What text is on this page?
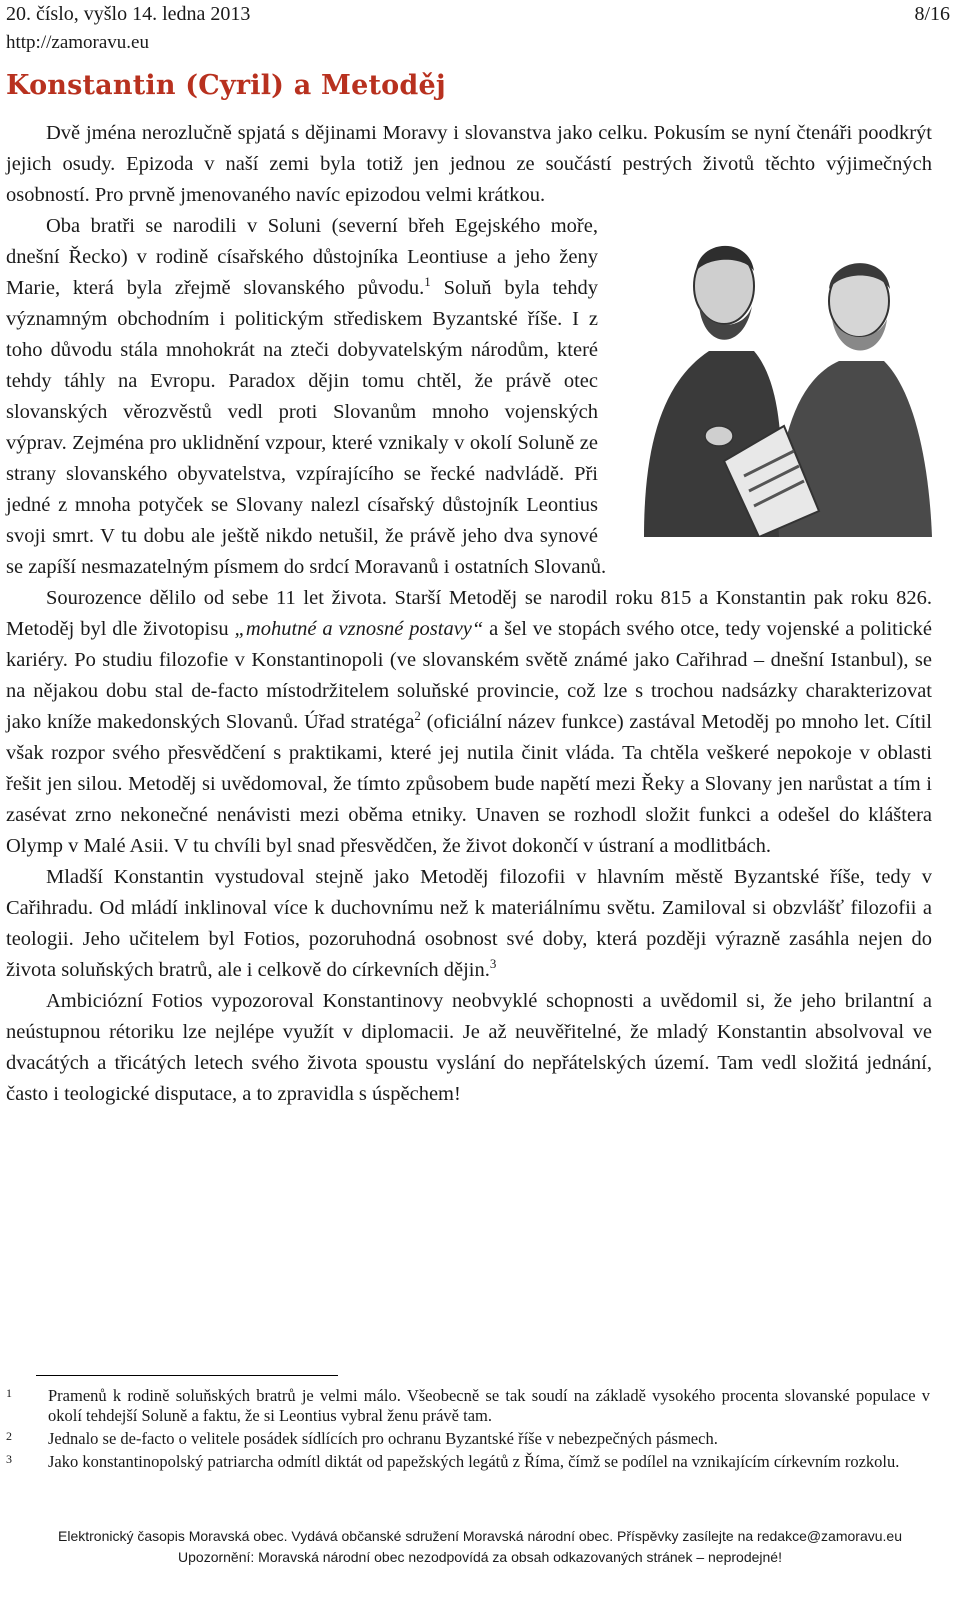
20. číslo, vyšlo 14. ledna 2013	8/16
http://zamoravu.eu
Konstantin (Cyril) a Metoděj

Dvě jména nerozlučně spjatá s dějinami Moravy i slovanstva jako celku. Pokusím se nyní čtenáři poodkrýt jejich osudy. Epizoda v naší zemi byla totiž jen jednou ze součástí pestrých životů těchto výjimečných osobností. Pro prvně jmenovaného navíc epizodou velmi krátkou.

Oba bratři se narodili v Soluni (severní břeh Egejského moře, dnešní Řecko) v rodině císařského důstojníka Leontiuse a jeho ženy Marie, která byla zřejmě slovanského původu.$^1$ Soluň byla tehdy významným obchodním i politickým střediskem Byzantské říše. I z toho důvodu stála mnohokrát na zteči dobyvatelským národům, které tehdy táhly na Evropu. Paradox dějin tomu chtěl, že právě otec slovanských věrozvěstů vedl proti Slovanům mnoho vojenských výprav. Zejména pro uklidnění vzpour, které vznikaly v okolí Soluně ze strany slovanského obyvatelstva, vzpírajícího se řecké nadvládě. Při jedné z mnoha potyček se Slovany nalezl císařský důstojník Leontius svoji smrt. V tu dobu ale ještě nikdo netušil, že právě jeho dva synové se zapíší nesmazatelným písmem do srdcí Moravanů i ostatních Slovanů.

Sourozence dělilo od sebe 11 let života. Starší Metoděj se narodil roku 815 a Konstantin pak roku 826. Metoděj byl dle životopisu „mohutné a vznosné postavy“ a šel ve stopách svého otce, tedy vojenské a politické kariéry. Po studiu filozofie v Konstantinopoli (ve slovanském světě známé jako Cařihrad – dnešní Istanbul), se na nějakou dobu stal de-facto místodržitelem soluňské provincie, což lze s trochou nadsázky charakterizovat jako kníže makedonských Slovanů. Úřad stratéga$^2$ (oficiální název funkce) zastával Metoděj po mnoho let. Cítil však rozpor svého přesvědčení s praktikami, které jej nutila činit vláda. Ta chtěla veškeré nepokoje v oblasti řešit jen silou. Metoděj si uvědomoval, že tímto způsobem bude napětí mezi Řeky a Slovany jen narůstat a tím i zasévat zrno nekonečné nenávisti mezi oběma etniky. Unaven se rozhodl složit funkci a odešel do kláštera Olymp v Malé Asii. V tu chvíli byl snad přesvědčen, že život dokončí v ústraní a modlitbách.

Mladší Konstantin vystudoval stejně jako Metoděj filozofii v hlavním městě Byzantské říše, tedy v Cařihradu. Od mládí inklinoval více k duchovnímu než k materiálnímu světu. Zamiloval si obzvlášť filozofii a teologii. Jeho učitelem byl Fotios, pozoruhodná osobnost své doby, která později výrazně zasáhla nejen do života soluňských bratrů, ale i celkově do církevních dějin.$^3$

Ambiciózní Fotios vypozoroval Konstantinovy neobvyklé schopnosti a uvědomil si, že jeho brilantní a neústupnou rétoriku lze nejlépe využít v diplomacii. Je až neuvěřitelné, že mladý Konstantin absolvoval ve dvacátých a třicátých letech svého života spoustu vyslání do nepřátelských území. Tam vedl složitá jednání, často i teologické disputace, a to zpravidla s úspěchem!

1 Pramenů k rodině soluňských bratrů je velmi málo. Všeobecně se tak soudí na základě vysokého procenta slovanské populace v okolí tehdejší Soluně a faktu, že si Leontius vybral ženu právě tam.
2 Jednalo se de-facto o velitele posádek sídlících pro ochranu Byzantské říše v nebezpečných pásmech.
3 Jako konstantinopolský patriarcha odmítl diktát od papežských legátů z Říma, čímž se podílel na vznikajícím církevním rozkolu.
Elektronický časopis Moravská obec. Vydává občanské sdružení Moravská národní obec. Příspěvky zasílejte na redakce@zamoravu.eu
Upozornění: Moravská národní obec nezodpovídá za obsah odkazovaných stránek – neprodejné!
